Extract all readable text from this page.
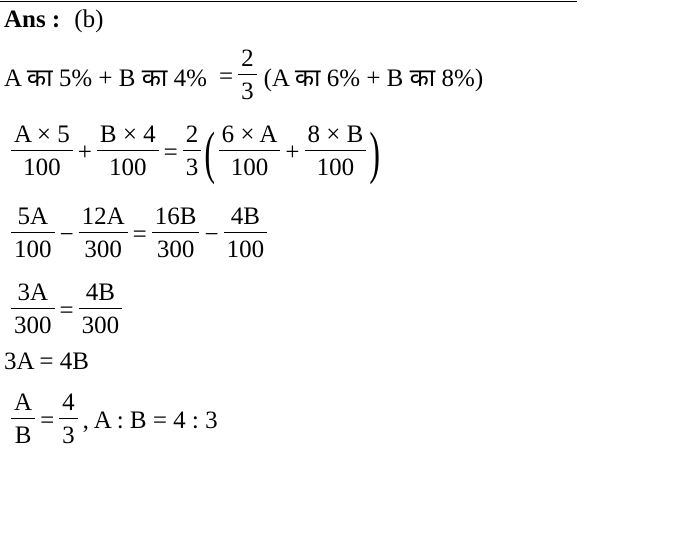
Ans : (b)
A का 5% + B का $4\% = \frac{2}{3} (A$ का 6% + B का 8%)
$\frac{A \times 5}{100} + \frac{B \times 4}{100} = \frac{2}{3}$ ( $\frac{6 \times A}{100} + \frac{8 \times B}{100}$ )
$\frac{5A}{100} - \frac{12A}{300} = \frac{16B}{300} - \frac{4B}{100}$
$\frac{3A}{300} = \frac{4B}{300}$
3A = 4B
$\frac{A}{B} = \frac{4}{3}$ , A : B = 4 : 3
